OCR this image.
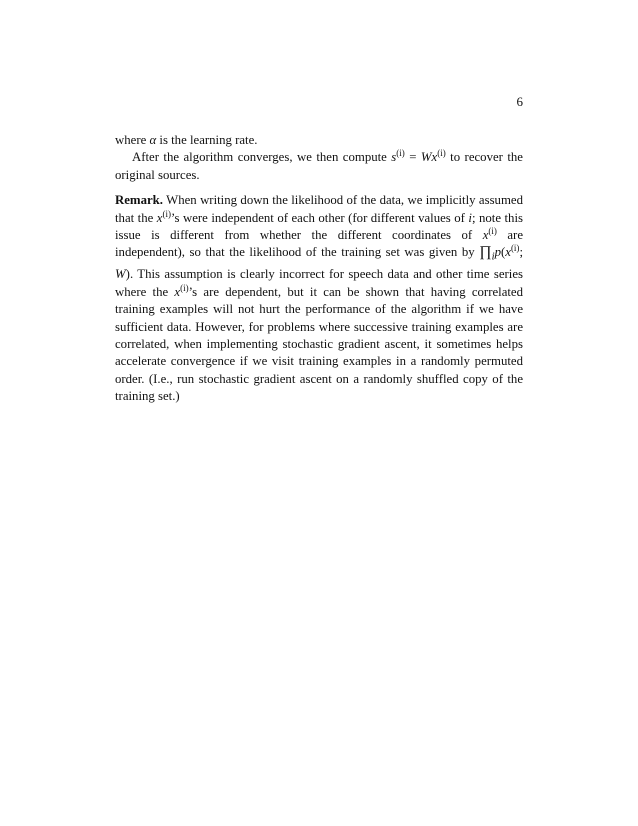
6

where α is the learning rate.

After the algorithm converges, we then compute $s^{(i)} = Wx^{(i)}$ to recover the original sources.

Remark. When writing down the likelihood of the data, we implicitly assumed that the $x^{(i)}’s$ were independent of each other (for different values of i; note this issue is different from whether the different coordinates of $x^{(i)}$ are independent), so that the likelihood of the training set was given by $\prod_ip(x^{(i)}$; W). This assumption is clearly incorrect for speech data and other time series where the $x^{(i)}’s$ are dependent, but it can be shown that having correlated training examples will not hurt the performance of the algorithm if we have sufficient data. However, for problems where successive training examples are correlated, when implementing stochastic gradient ascent, it sometimes helps accelerate convergence if we visit training examples in a randomly permuted order. (I.e., run stochastic gradient ascent on a randomly shuffled copy of the training set.)
